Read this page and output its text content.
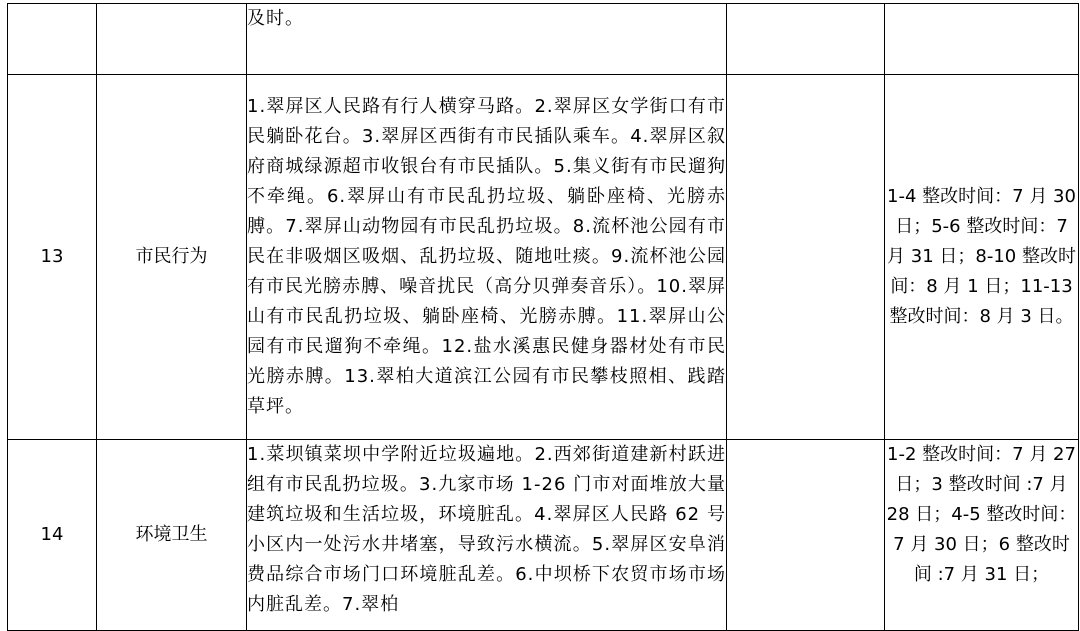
		及时。

13	市民行为	1.翠屏区人民路有行人横穿马路。2.翠屏区女学街口有市民躺卧花台。3.翠屏区西街有市民插队乘车。4.翠屏区叙府商城绿源超市收银台有市民插队。5.集义街有市民遛狗不牵绳。6.翠屏山有市民乱扔垃圾、躺卧座椅、光膀赤膊。7.翠屏山动物园有市民乱扔垃圾。8.流杯池公园有市民在非吸烟区吸烟、乱扔垃圾、随地吐痰。9.流杯池公园有市民光膀赤膊、噪音扰民（高分贝弹奏音乐）。10.翠屏山有市民乱扔垃圾、躺卧座椅、光膀赤膊。11.翠屏山公园有市民遛狗不牵绳。12.盐水溪惠民健身器材处有市民光膀赤膊。13.翠柏大道滨江公园有市民攀枝照相、践踏草坪。		1-4 整改时间：7 月 30 日；5-6 整改时间：7 月 31 日；8-10 整改时间：8 月 1 日；11-13 整改时间：8 月 3 日。
14	环境卫生	1.菜坝镇菜坝中学附近垃圾遍地。2.西郊街道建新村跃进组有市民乱扔垃圾。3.九家市场 1-26 门市对面堆放大量建筑垃圾和生活垃圾，环境脏乱。4.翠屏区人民路 62 号小区内一处污水井堵塞，导致污水横流。5.翠屏区安阜消费品综合市场门口环境脏乱差。6.中坝桥下农贸市场市场内脏乱差。7.翠柏		1-2 整改时间：7 月 27 日；3 整改时间 :7 月 28 日；4-5 整改时间：7 月 30 日；6 整改时间 :7 月 31 日；
